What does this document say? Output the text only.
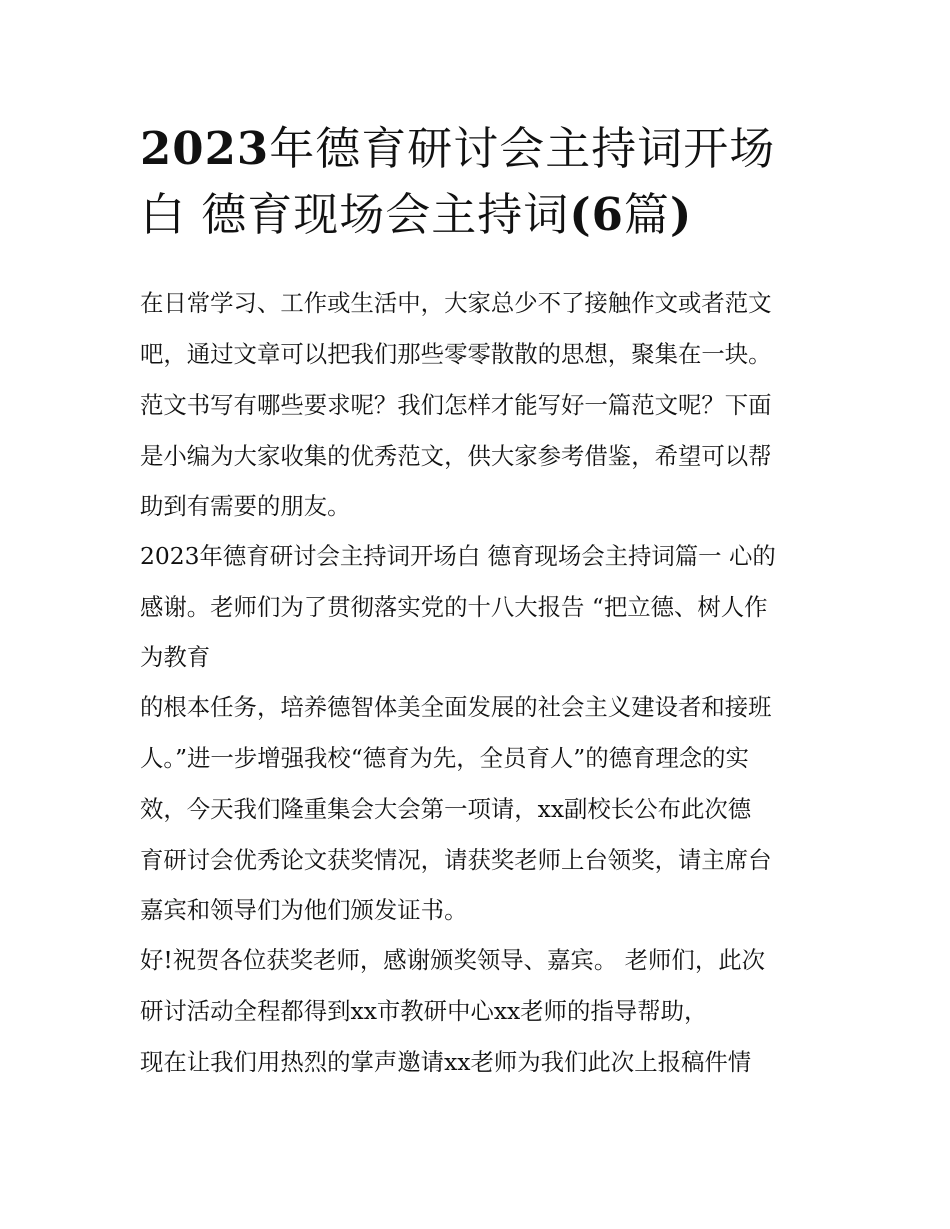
2023年德育研讨会主持词开场
白 德育现场会主持词(6篇)
在日常学习、工作或生活中，大家总少不了接触作文或者范文
吧，通过文章可以把我们那些零零散散的思想，聚集在一块。
范文书写有哪些要求呢？我们怎样才能写好一篇范文呢？下面
是小编为大家收集的优秀范文，供大家参考借鉴，希望可以帮
助到有需要的朋友。
2023年德育研讨会主持词开场白 德育现场会主持词篇一 心的
感谢。老师们为了贯彻落实党的十八大报告 “把立德、树人作
为教育
的根本任务，培养德智体美全面发展的社会主义建设者和接班
人。”进一步增强我校“德育为先，全员育人”的德育理念的实
效，今天我们隆重集会大会第一项请，xx副校长公布此次德
育研讨会优秀论文获奖情况，请获奖老师上台领奖，请主席台
嘉宾和领导们为他们颁发证书。
好!祝贺各位获奖老师，感谢颁奖领导、嘉宾。 老师们，此次
研讨活动全程都得到xx市教研中心xx老师的指导帮助，
现在让我们用热烈的掌声邀请xx老师为我们此次上报稿件情
